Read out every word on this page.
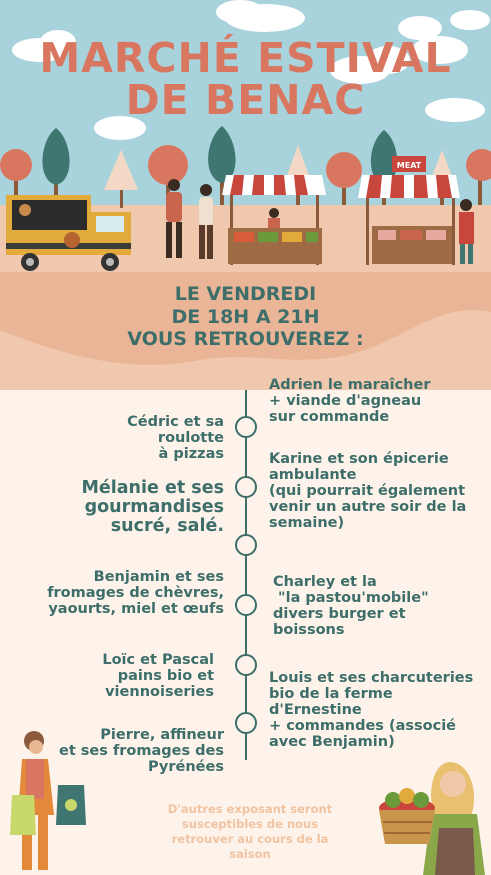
MEAT
MARCHÉ ESTIVAL
DE BENAC
LE VENDREDI
DE 18H A 21H
VOUS RETROUVEREZ :
Cédric et sa roulotte
à pizzas
Mélanie et ses
gourmandises
sucré, salé.
Benjamin et ses
fromages de chèvres,
yaourts, miel et œufs
Loïc et Pascal
pains bio et
viennoiseries
Pierre, affineur
et ses fromages des
Pyrénées
Adrien le maraîcher
+ viande d'agneau
sur commande
Karine et son épicerie
ambulante
(qui pourrait également
venir un autre soir de la
semaine)
Charley et la
"la pastou'mobile"
divers burger et
boissons
Louis et ses charcuteries
bio de la ferme d'Ernestine
+ commandes (associé
avec Benjamin)
D'autres exposant seront
susceptibles de nous
retrouver au cours de la
saison
